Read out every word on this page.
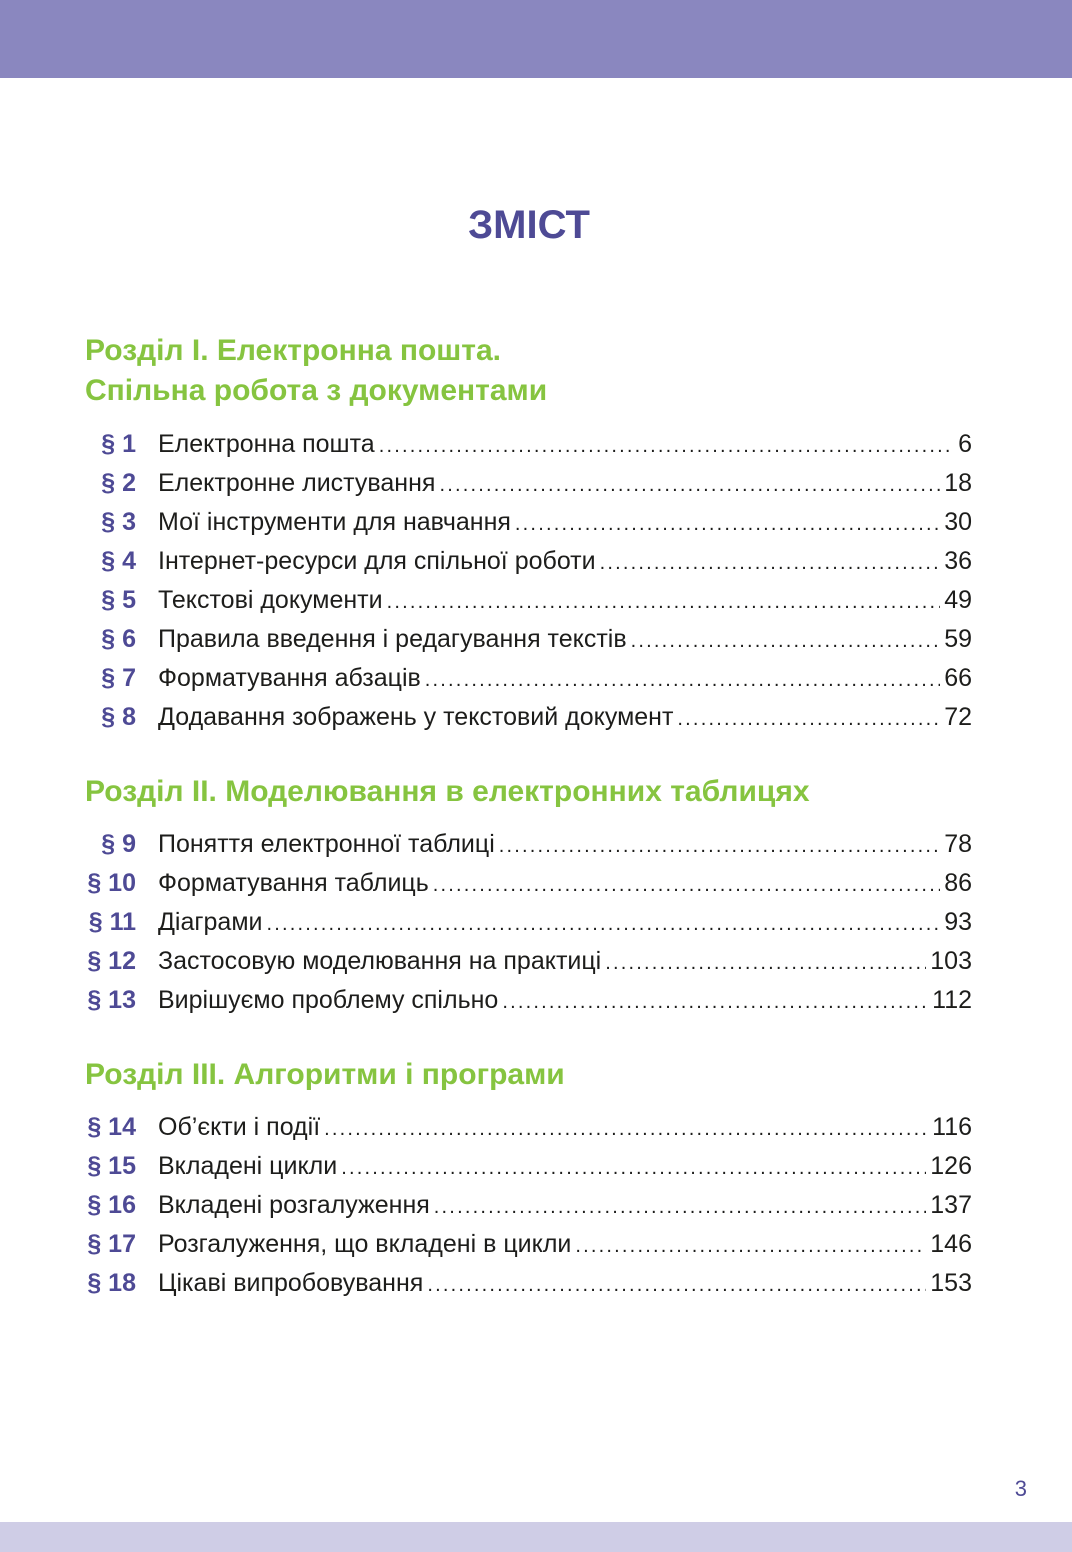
ЗМІСТ
Розділ I. Електронна пошта.
Спільна робота з документами
§ 1 Електронна пошта .....	6
§ 2 Електронне листування .....	18
§ 3 Мої інструменти для навчання .....	30
§ 4 Інтернет-ресурси для спільної роботи .....	36
§ 5 Текстові документи .....	49
§ 6 Правила введення і редагування текстів .....	59
§ 7 Форматування абзаців .....	66
§ 8 Додавання зображень у текстовий документ .....	72
Розділ II. Моделювання в електронних таблицях
§ 9 Поняття електронної таблиці .....	78
§ 10 Форматування таблиць .....	86
§ 11 Діаграми .....	93
§ 12 Застосовую моделювання на практиці .....	103
§ 13 Вирішуємо проблему спільно .....	112
Розділ III. Алгоритми і програми
§ 14 Об’єкти і події .....	116
§ 15 Вкладені цикли .....	126
§ 16 Вкладені розгалуження .....	137
§ 17 Розгалуження, що вкладені в цикли .....	146
§ 18 Цікаві випробовування .....	153
3
